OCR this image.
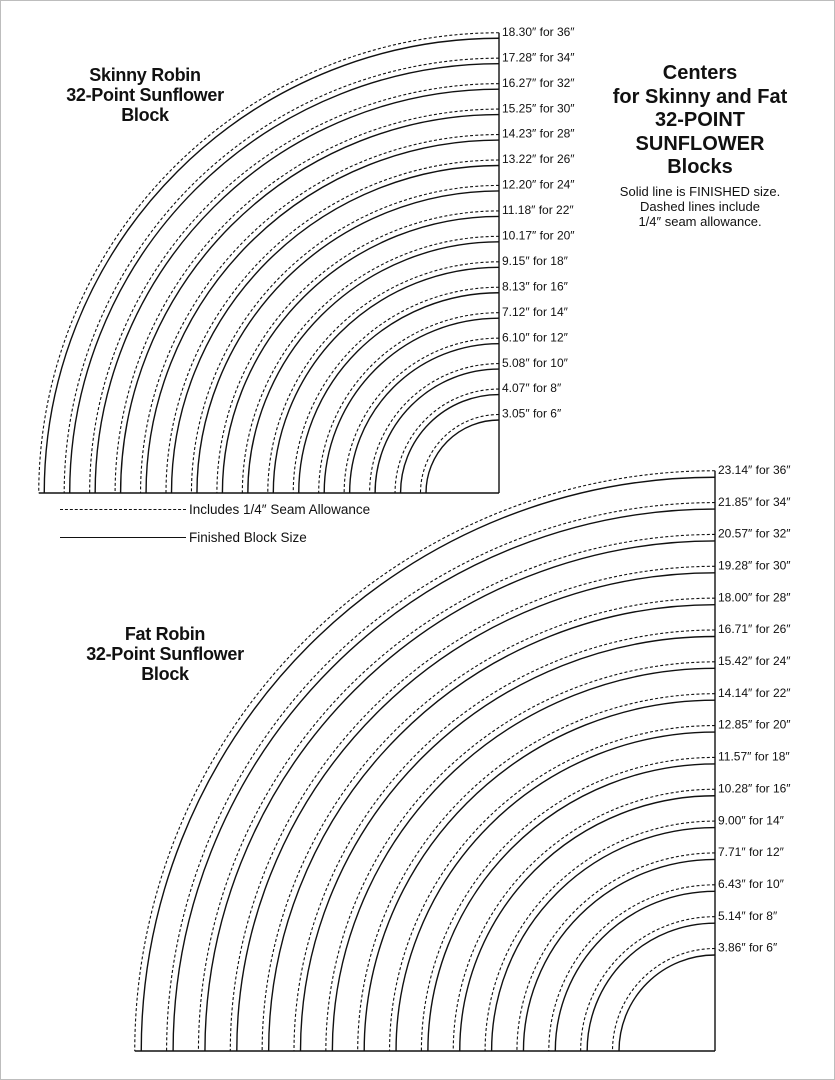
3.05″ for 6″
4.07″ for 8″
5.08″ for 10″
6.10″ for 12″
7.12″ for 14″
8.13″ for 16″
9.15″ for 18″
10.17″ for 20″
11.18″ for 22″
12.20″ for 24″
13.22″ for 26″
14.23″ for 28″
15.25″ for 30″
16.27″ for 32″
17.28″ for 34″
18.30″ for 36″
3.86″ for 6″
5.14″ for 8″
6.43″ for 10″
7.71″ for 12″
9.00″ for 14″
10.28″ for 16″
11.57″ for 18″
12.85″ for 20″
14.14″ for 22″
15.42″ for 24″
16.71″ for 26″
18.00″ for 28″
19.28″ for 30″
20.57″ for 32″
21.85″ for 34″
23.14″ for 36″
Skinny Robin
32-Point Sunflower
Block
Fat Robin
32-Point Sunflower
Block
Centers
for Skinny and Fat
32-POINT
SUNFLOWER
Blocks
Solid line is FINISHED size.
Dashed lines include
1/4″ seam allowance.
Includes 1/4″ Seam Allowance
Finished Block Size
